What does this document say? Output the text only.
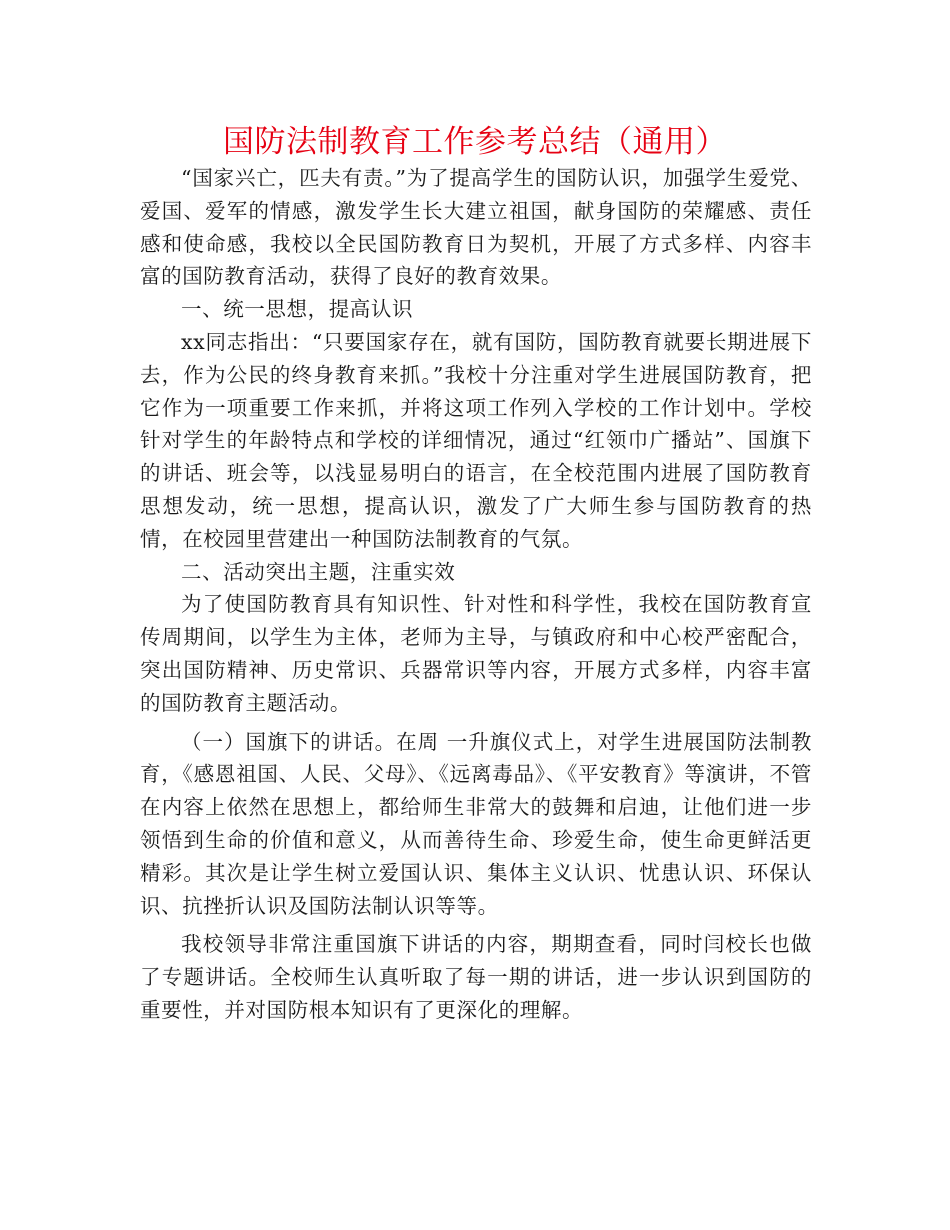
国防法制教育工作参考总结（通用）

“国家兴亡，匹夫有责。”为了提高学生的国防认识，加强学生爱党、爱国、爱军的情感，激发学生长大建立祖国，献身国防的荣耀感、责任感和使命感，我校以全民国防教育日为契机，开展了方式多样、内容丰富的国防教育活动，获得了良好的教育效果。

一、统一思想，提高认识

xx同志指出：“只要国家存在，就有国防，国防教育就要长期进展下去，作为公民的终身教育来抓。”我校十分注重对学生进展国防教育，把它作为一项重要工作来抓，并将这项工作列入学校的工作计划中。学校针对学生的年龄特点和学校的详细情况，通过“红领巾广播站”、国旗下的讲话、班会等，以浅显易明白的语言，在全校范围内进展了国防教育思想发动，统一思想，提高认识，激发了广大师生参与国防教育的热情，在校园里营建出一种国防法制教育的气氛。

二、活动突出主题，注重实效

为了使国防教育具有知识性、针对性和科学性，我校在国防教育宣传周期间，以学生为主体，老师为主导，与镇政府和中心校严密配合，突出国防精神、历史常识、兵器常识等内容，开展方式多样，内容丰富的国防教育主题活动。

（一）国旗下的讲话。在周 一升旗仪式上，对学生进展国防法制教育，《感恩祖国、人民、父母》、《远离毒品》、《平安教育》等演讲，不管在内容上依然在思想上，都给师生非常大的鼓舞和启迪，让他们进一步领悟到生命的价值和意义，从而善待生命、珍爱生命，使生命更鲜活更精彩。其次是让学生树立爱国认识、集体主义认识、忧患认识、环保认识、抗挫折认识及国防法制认识等等。

我校领导非常注重国旗下讲话的内容，期期查看，同时闫校长也做了专题讲话。全校师生认真听取了每一期的讲话，进一步认识到国防的重要性，并对国防根本知识有了更深化的理解。
